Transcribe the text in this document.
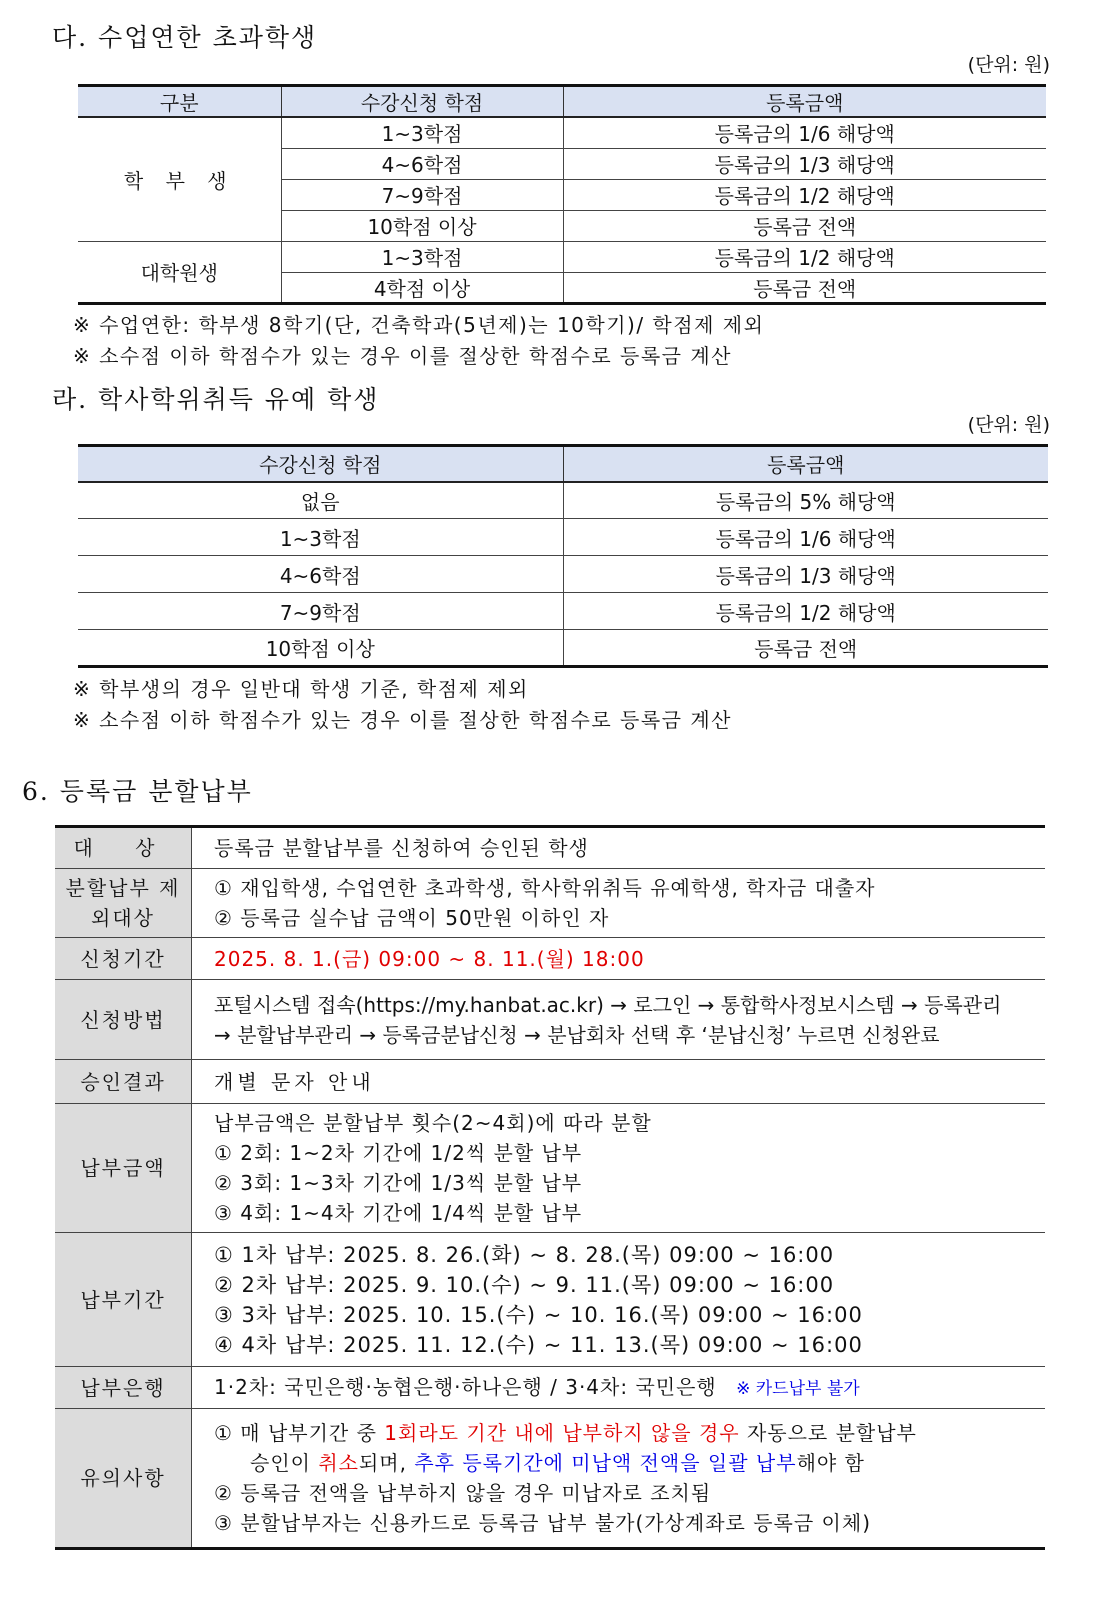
다. 수업연한 초과학생
(단위: 원)
구분	수강신청 학점	등록금액
학 부 생	1~3학점	등록금의 1/6 해당액
	4~6학점	등록금의 1/3 해당액
	7~9학점	등록금의 1/2 해당액
	10학점 이상	등록금 전액
대학원생	1~3학점	등록금의 1/2 해당액
	4학점 이상	등록금 전액
※ 수업연한: 학부생 8학기(단, 건축학과(5년제)는 10학기)/ 학점제 제외
※ 소수점 이하 학점수가 있는 경우 이를 절상한 학점수로 등록금 계산
라. 학사학위취득 유예 학생
(단위: 원)
수강신청 학점	등록금액
없음	등록금의 5% 해당액
1~3학점	등록금의 1/6 해당액
4~6학점	등록금의 1/3 해당액
7~9학점	등록금의 1/2 해당액
10학점 이상	등록금 전액
※ 학부생의 경우 일반대 학생 기준, 학점제 제외
※ 소수점 이하 학점수가 있는 경우 이를 절상한 학점수로 등록금 계산
6. 등록금 분할납부
대 상	등록금 분할납부를 신청하여 승인된 학생
분할납부 제외대상	① 재입학생, 수업연한 초과학생, 학사학위취득 유예학생, 학자금 대출자
② 등록금 실수납 금액이 50만원 이하인 자

신청기간	2025. 8. 1.(금) 09:00 ~ 8. 11.(월) 18:00
신청방법	포털시스템 접속(https://my.hanbat.ac.kr) → 로그인 → 통합학사정보시스템 → 등록관리
→ 분할납부관리 → 등록금분납신청 → 분납회차 선택 후 ‘분납신청’ 누르면 신청완료

승인결과	개별 문자 안내
납부금액	납부금액은 분할납부 횟수(2~4회)에 따라 분할
① 2회: 1~2차 기간에 1/2씩 분할 납부
② 3회: 1~3차 기간에 1/3씩 분할 납부
③ 4회: 1~4차 기간에 1/4씩 분할 납부

납부기간	① 1차 납부: 2025. 8. 26.(화) ~ 8. 28.(목) 09:00 ~ 16:00
② 2차 납부: 2025. 9. 10.(수) ~ 9. 11.(목) 09:00 ~ 16:00
③ 3차 납부: 2025. 10. 15.(수) ~ 10. 16.(목) 09:00 ~ 16:00
④ 4차 납부: 2025. 11. 12.(수) ~ 11. 13.(목) 09:00 ~ 16:00

납부은행	1·2차: 국민은행·농협은행·하나은행 / 3·4차: 국민은행 ※ 카드납부 불가
유의사항	① 매 납부기간 중 1회라도 기간 내에 납부하지 않을 경우 자동으로 분할납부
승인이 취소되며, 추후 등록기간에 미납액 전액을 일괄 납부해야 함
② 등록금 전액을 납부하지 않을 경우 미납자로 조치됨
③ 분할납부자는 신용카드로 등록금 납부 불가(가상계좌로 등록금 이체)
